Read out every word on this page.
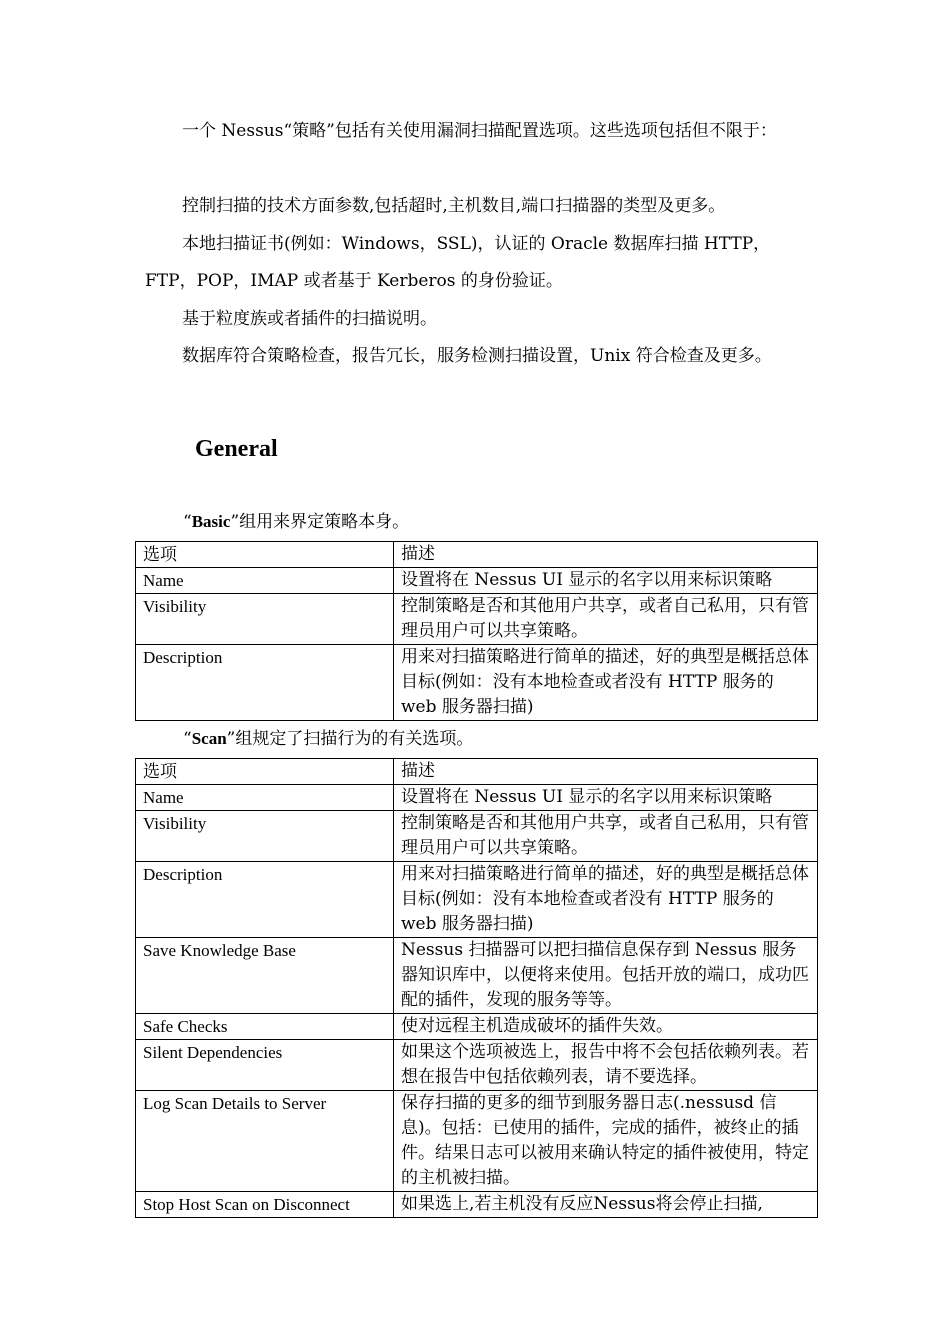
一个 Nessus“策略”包括有关使用漏洞扫描配置选项。这些选项包括但不限于：

控制扫描的技术方面参数,包括超时,主机数目,端口扫描器的类型及更多。

本地扫描证书(例如：Windows，SSL)，认证的 Oracle 数据库扫描 HTTP，FTP，POP，IMAP 或者基于 Kerberos 的身份验证。

基于粒度族或者插件的扫描说明。

数据库符合策略检查，报告冗长，服务检测扫描设置，Unix 符合检查及更多。

General
“Basic”组用来界定策略本身。
选项	描述
Name	设置将在 Nessus UI 显示的名字以用来标识策略
Visibility	控制策略是否和其他用户共享，或者自己私用，只有管理员用户可以共享策略。
Description	用来对扫描策略进行简单的描述，好的典型是概括总体目标(例如：没有本地检查或者没有 HTTP 服务的 web 服务器扫描)
“Scan”组规定了扫描行为的有关选项。
选项	描述
Name	设置将在 Nessus UI 显示的名字以用来标识策略
Visibility	控制策略是否和其他用户共享，或者自己私用，只有管理员用户可以共享策略。
Description	用来对扫描策略进行简单的描述，好的典型是概括总体目标(例如：没有本地检查或者没有 HTTP 服务的 web 服务器扫描)
Save Knowledge Base	Nessus 扫描器可以把扫描信息保存到 Nessus 服务器知识库中，以便将来使用。包括开放的端口，成功匹配的插件，发现的服务等等。
Safe Checks	使对远程主机造成破坏的插件失效。
Silent Dependencies	如果这个选项被选上，报告中将不会包括依赖列表。若想在报告中包括依赖列表，请不要选择。
Log Scan Details to Server	保存扫描的更多的细节到服务器日志(.nessusd 信息)。包括：已使用的插件，完成的插件，被终止的插件。结果日志可以被用来确认特定的插件被使用，特定的主机被扫描。
Stop Host Scan on Disconnect	如果选上,若主机没有反应Nessus将会停止扫描,
